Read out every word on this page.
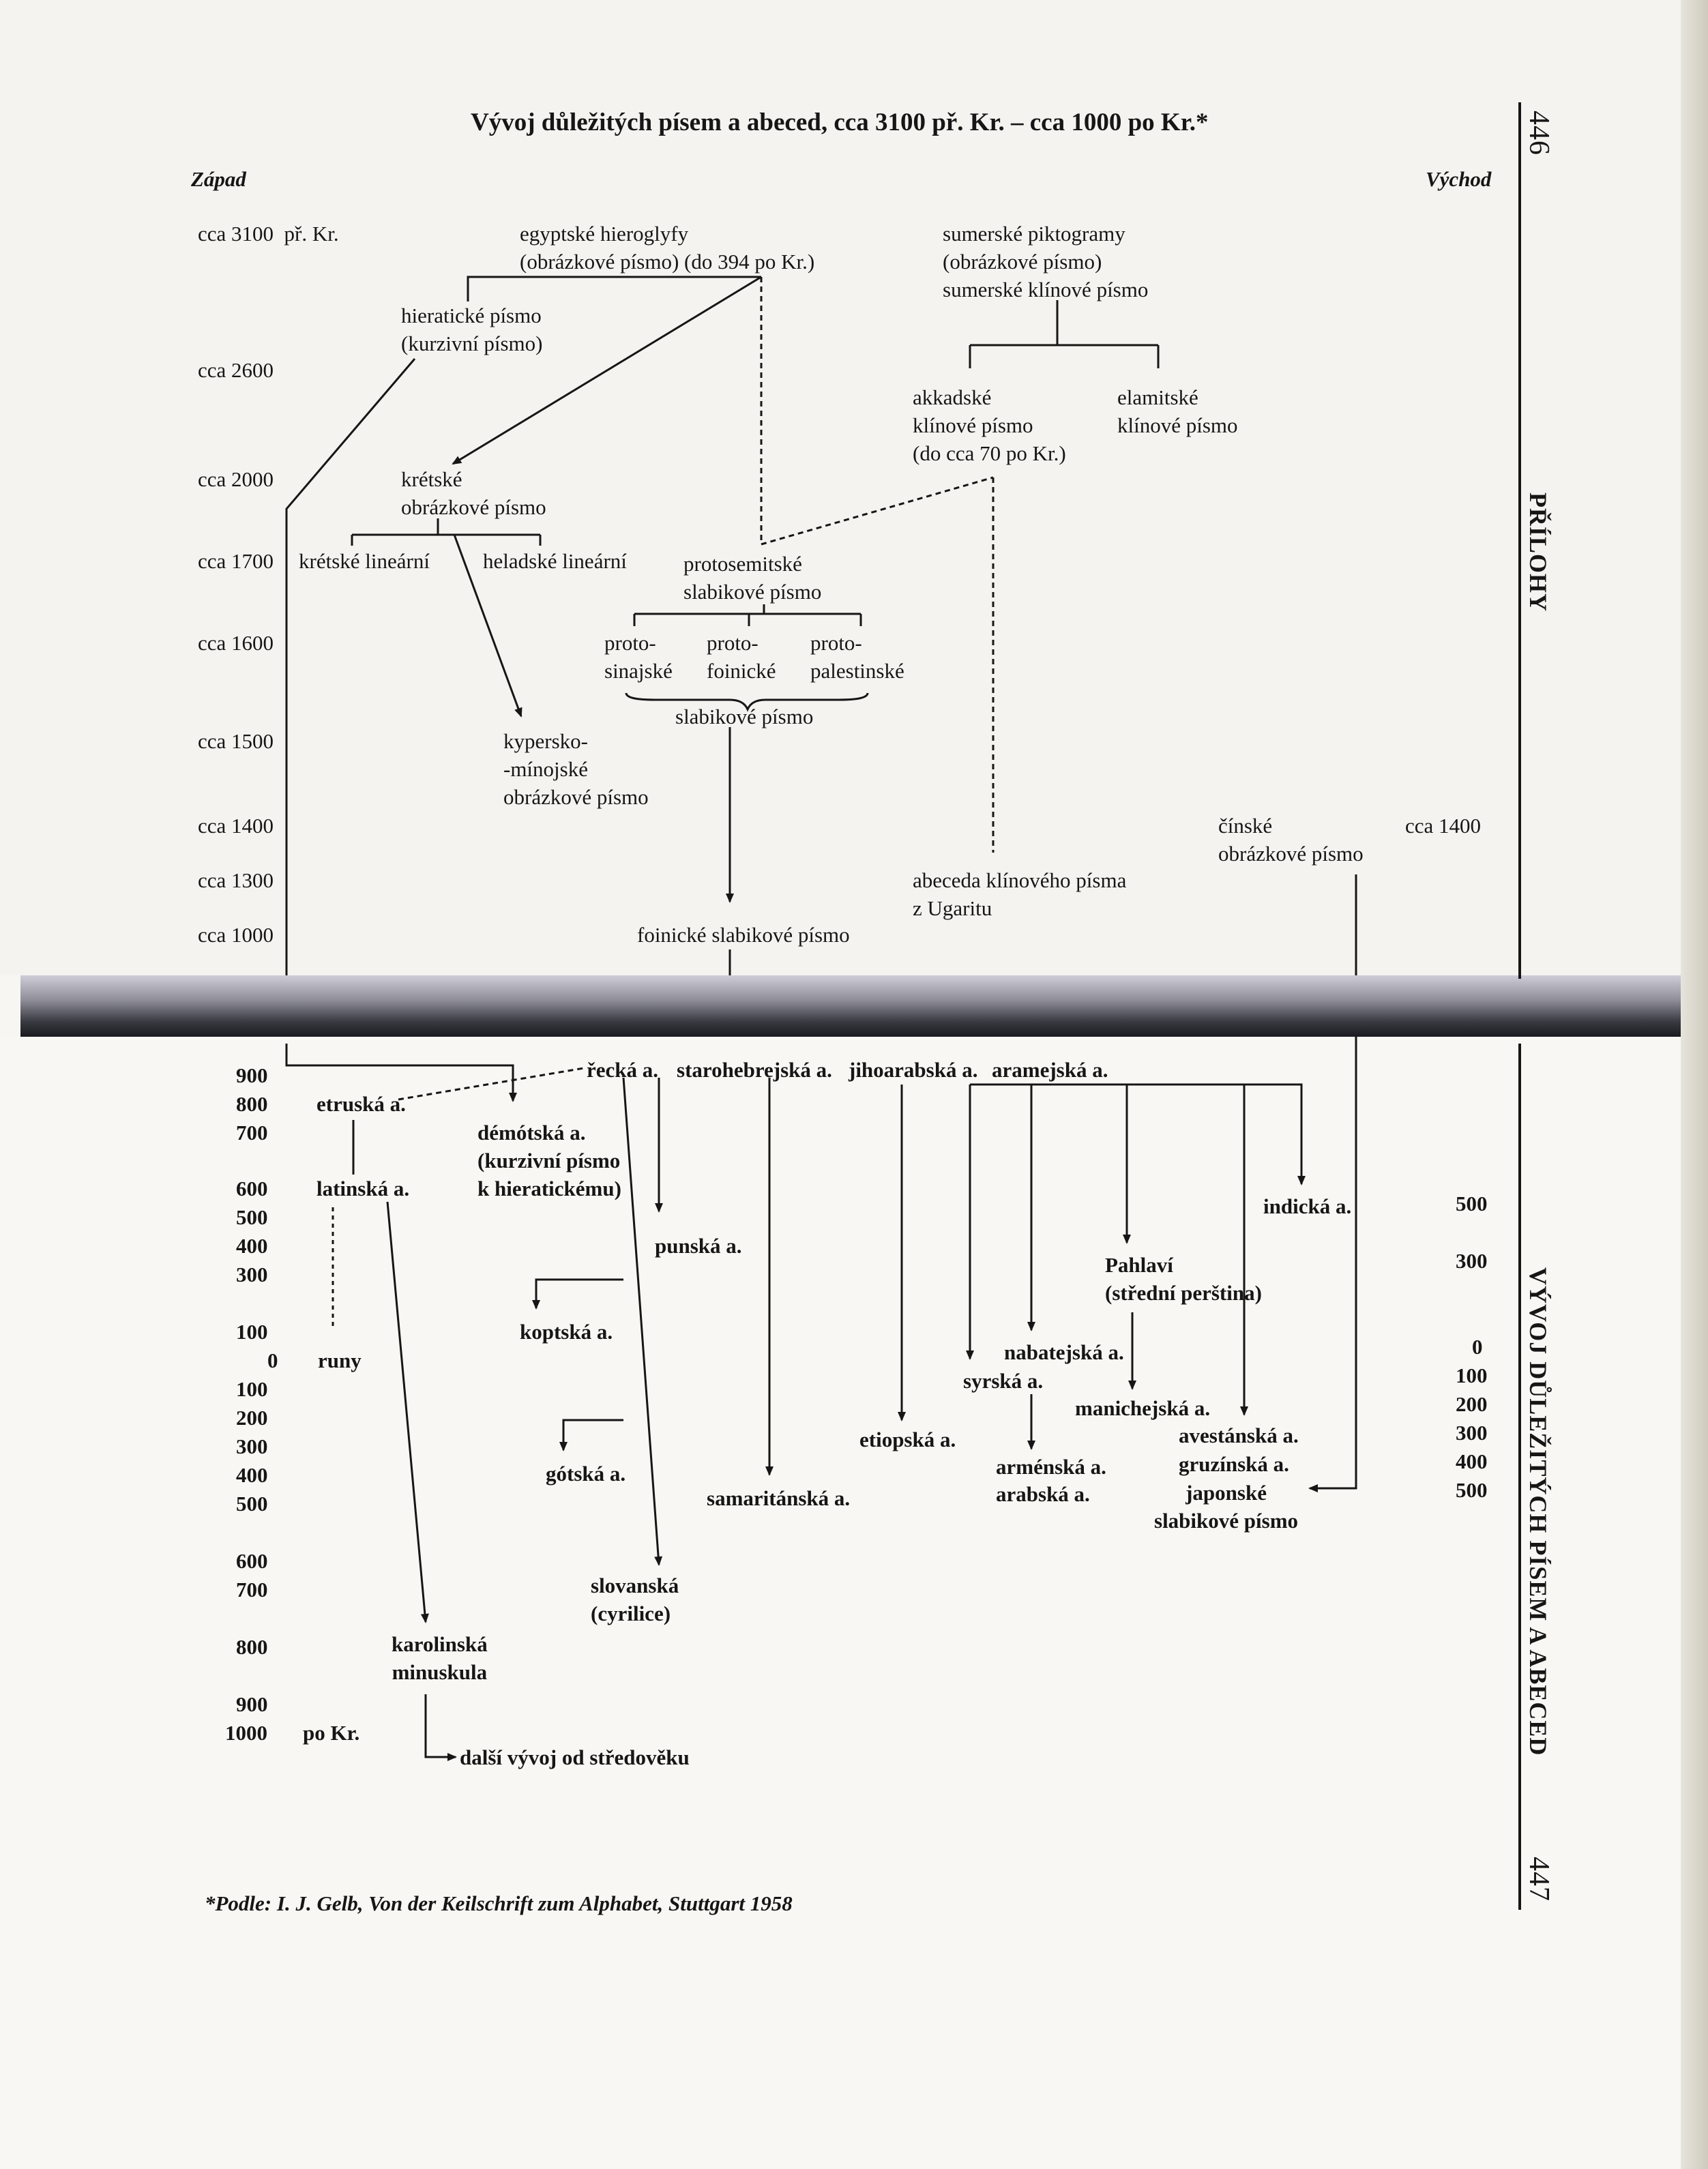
Vývoj důležitých písem a abeced, cca 3100 př. Kr. – cca 1000 po Kr.*
Západ	Východ
446
447
PŘÍLOHY
VÝVOJ DŮLEŽITÝCH PÍSEM A ABECED
cca 3100  př. Kr.
cca 2600
cca 2000
cca 1700
cca 1600
cca 1500
cca 1400
cca 1300
cca 1000
cca 1400
egyptské hieroglyfy
(obrázkové písmo) (do 394 po Kr.)
sumerské piktogramy
(obrázkové písmo)
sumerské klínové písmo
hieratické písmo
(kurzivní písmo)
akkadské
klínové písmo
(do cca 70 po Kr.)
elamitské
klínové písmo
krétské
obrázkové písmo
krétské lineární	heladské lineární	protosemitské
slabikové písmo
proto-
sinajské
proto-
foinické
proto-
palestinské
slabikové písmo
kypersko-
-mínojské
obrázkové písmo
čínské
obrázkové písmo
abeceda klínového písma
z Ugaritu
foinické slabikové písmo
900
800
700
600
500
400
300
100
0
100
200
300
400
500
600
700
800
900
1000 po Kr.
500
300
0
100
200
300
400
500
řecká a. starohebrejská a. jihoarabská a. aramejská a.
etruská a.
démótská a.
(kurzivní písmo
k hieratickému)
latinská a.
indická a.
punská a.
Pahlaví
(střední perština)
koptská a.
runy	nabatejská a.
syrská a.
manichejská a.
gótská a.
etiopská a.	avestánská a.
gruzínská a.
arménská a.
arabská a.	japonské
slabikové písmo
samaritánská a.
slovanská
(cyrilice)
karolinská
minuskula
další vývoj od středověku
*Podle: I. J. Gelb, Von der Keilschrift zum Alphabet, Stuttgart 1958
